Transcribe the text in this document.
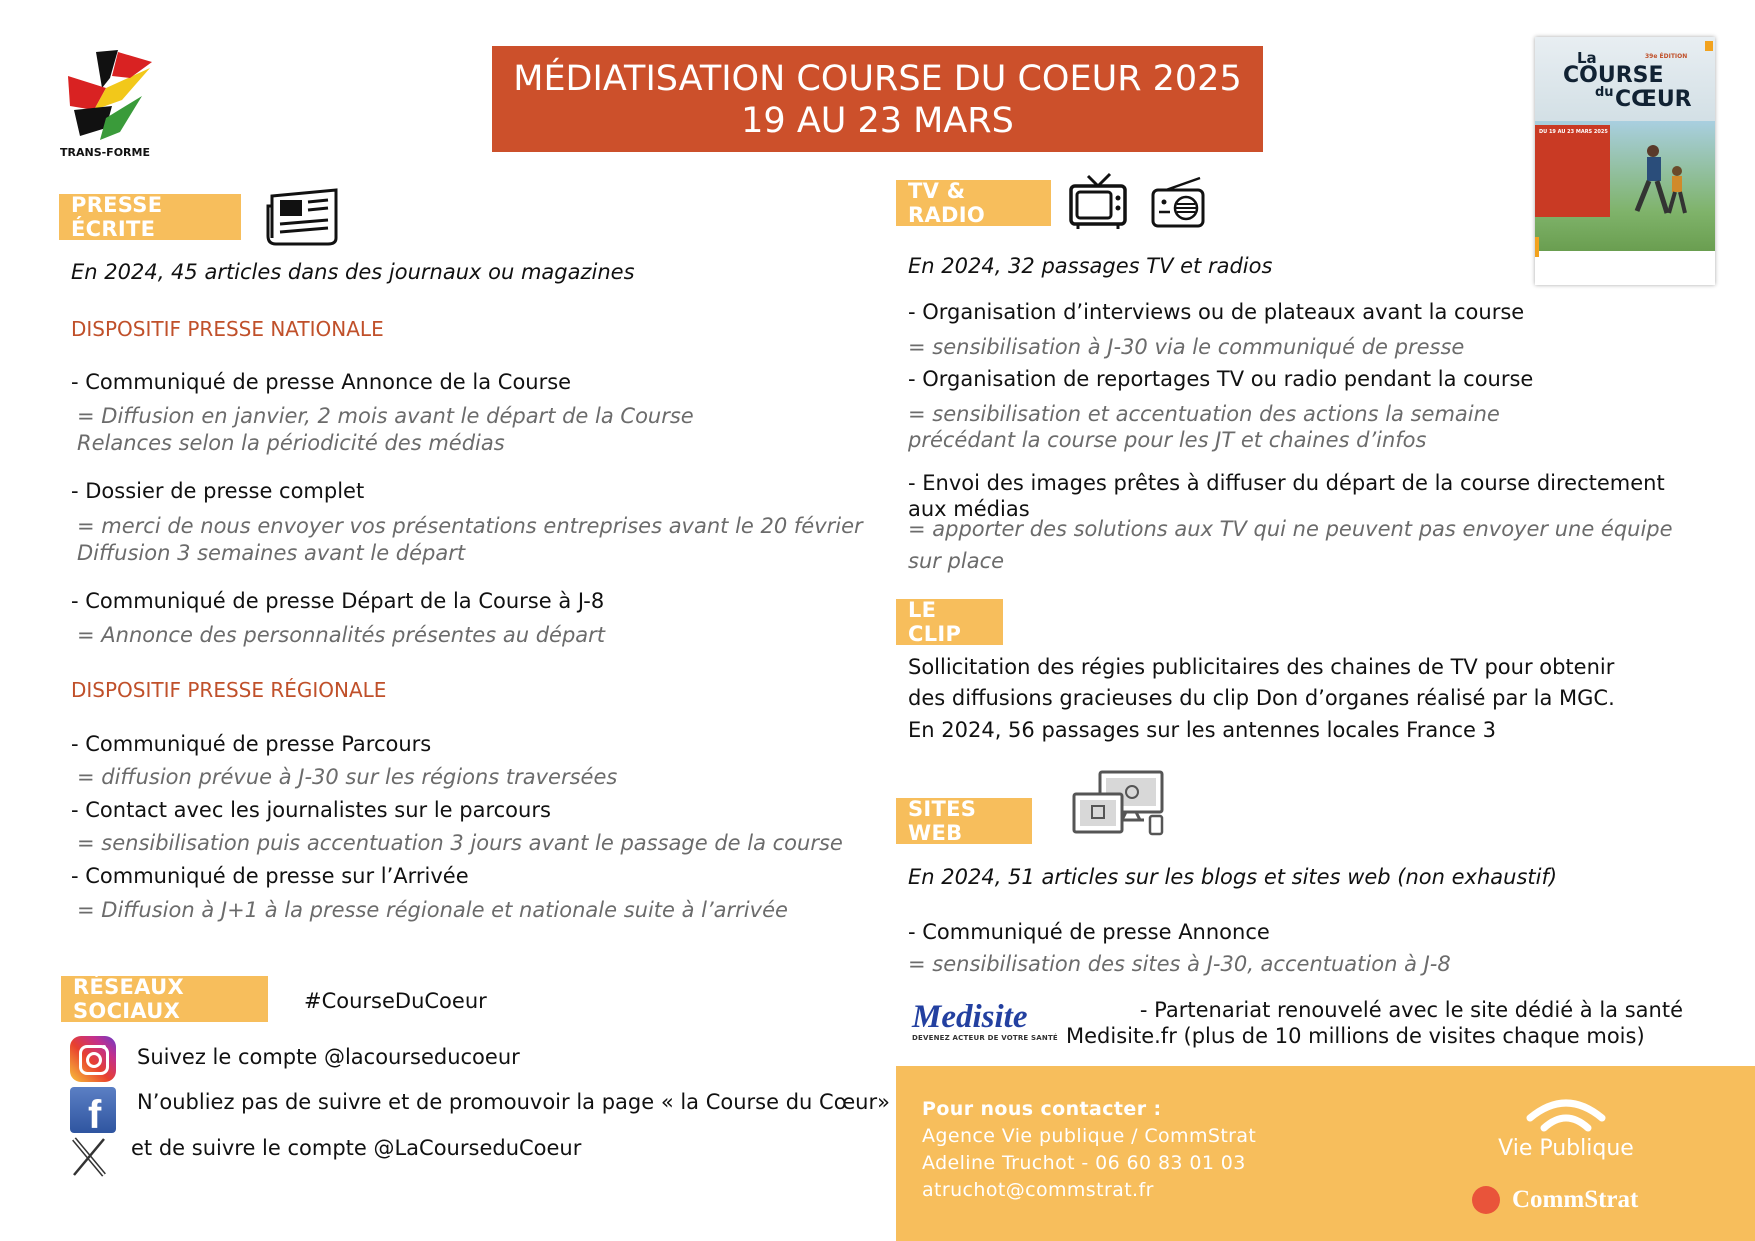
TRANS-FORME
MÉDIATISATION COURSE DU COEUR 2025
19 AU 23 MARS
39e ÉDITION
La
COURSE
du CŒUR
DU 19 AU 23 MARS 2025
PRESSE ÉCRITE
En 2024, 45 articles dans des journaux ou magazines
DISPOSITIF PRESSE NATIONALE
- Communiqué de presse Annonce de la Course
= Diffusion en janvier, 2 mois avant le départ de la Course
Relances selon la périodicité des médias
- Dossier de presse complet
= merci de nous envoyer vos présentations entreprises avant le 20 février
Diffusion 3 semaines avant le départ
- Communiqué de presse Départ de la Course à J-8
= Annonce des personnalités présentes au départ
DISPOSITIF PRESSE RÉGIONALE
- Communiqué de presse Parcours
= diffusion prévue à J-30 sur les régions traversées
- Contact avec les journalistes sur le parcours
= sensibilisation puis accentuation 3 jours avant le passage de la course
- Communiqué de presse sur l’Arrivée
= Diffusion à J+1 à la presse régionale et nationale suite à l’arrivée
RÉSEAUX SOCIAUX	#CourseDuCoeur
Suivez le compte @lacourseducoeur
f N’oubliez pas de suivre et de promouvoir la page « la Course du Cœur»
et de suivre le compte @LaCourseduCoeur
TV & RADIO
En 2024, 32 passages TV et radios
- Organisation d’interviews ou de plateaux avant la course
= sensibilisation à J-30 via le communiqué de presse
- Organisation de reportages TV ou radio pendant la course
= sensibilisation et accentuation des actions la semaine
précédant la course pour les JT et chaines d’infos
- Envoi des images prêtes à diffuser du départ de la course directement
aux médias
= apporter des solutions aux TV qui ne peuvent pas envoyer une équipe
sur place
LE CLIP
Sollicitation des régies publicitaires des chaines de TV pour obtenir
des diffusions gracieuses du clip Don d’organes réalisé par la MGC.
En 2024, 56 passages sur les antennes locales France 3
SITES WEB
En 2024, 51 articles sur les blogs et sites web (non exhaustif)
- Communiqué de presse Annonce
= sensibilisation des sites à J-30, accentuation à J-8
Medisite
DEVENEZ ACTEUR DE VOTRE SANTÉ
- Partenariat renouvelé avec le site dédié à la santé
Medisite.fr (plus de 10 millions de visites chaque mois)
Pour nous contacter :
Agence Vie publique / CommStrat
Adeline Truchot - 06 60 83 01 03
atruchot@commstrat.fr
Vie Publique
CommStrat
